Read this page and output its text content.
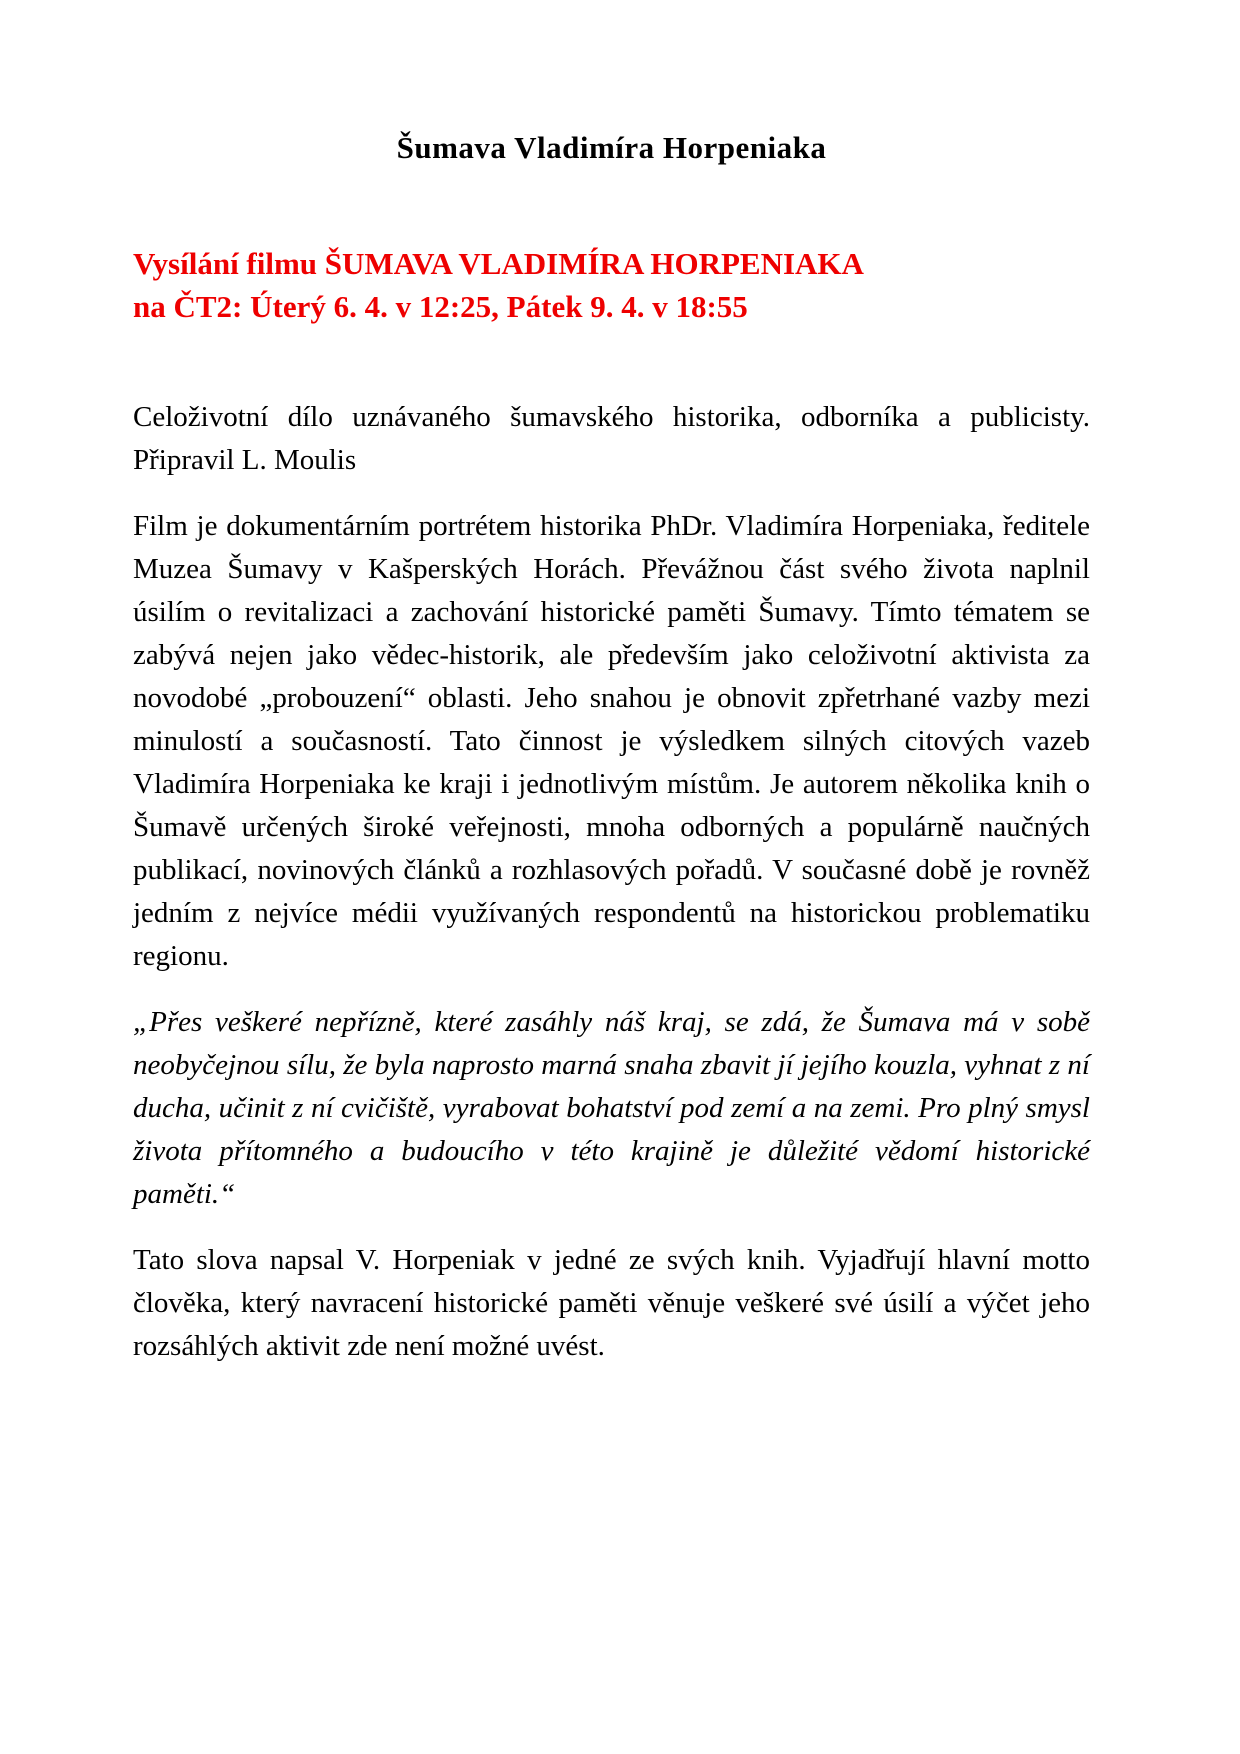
Šumava Vladimíra Horpeniaka
Vysílání filmu ŠUMAVA VLADIMÍRA HORPENIAKA
na ČT2: Úterý 6. 4. v 12:25, Pátek 9. 4. v 18:55

Celoživotní dílo uznávaného šumavského historika, odborníka a publicisty. Připravil L. Moulis

Film je dokumentárním portrétem historika PhDr. Vladimíra Horpeniaka, ředitele Muzea Šumavy v Kašperských Horách. Převážnou část svého života naplnil úsilím o revitalizaci a zachování historické paměti Šumavy. Tímto tématem se zabývá nejen jako vědec-historik, ale především jako celoživotní aktivista za novodobé „probouzení“ oblasti. Jeho snahou je obnovit zpřetrhané vazby mezi minulostí a současností. Tato činnost je výsledkem silných citových vazeb Vladimíra Horpeniaka ke kraji i jednotlivým místům. Je autorem několika knih o Šumavě určených široké veřejnosti, mnoha odborných a populárně naučných publikací, novinových článků a rozhlasových pořadů. V současné době je rovněž jedním z nejvíce médii využívaných respondentů na historickou problematiku regionu.

„Přes veškeré nepřízně, které zasáhly náš kraj, se zdá, že Šumava má v sobě neobyčejnou sílu, že byla naprosto marná snaha zbavit jí jejího kouzla, vyhnat z ní ducha, učinit z ní cvičiště, vyrabovat bohatství pod zemí a na zemi. Pro plný smysl života přítomného a budoucího v této krajině je důležité vědomí historické paměti.“

Tato slova napsal V. Horpeniak v jedné ze svých knih. Vyjadřují hlavní motto člověka, který navracení historické paměti věnuje veškeré své úsilí a výčet jeho rozsáhlých aktivit zde není možné uvést.
